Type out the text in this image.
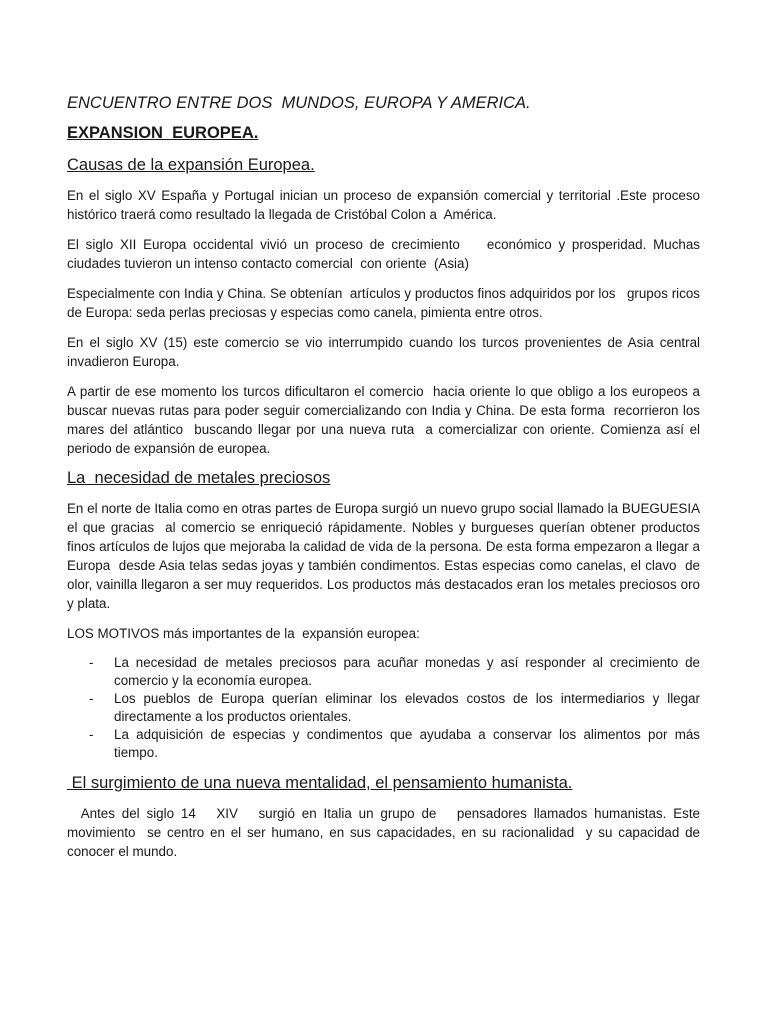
ENCUENTRO ENTRE DOS  MUNDOS, EUROPA Y AMERICA.
EXPANSION  EUROPEA.
Causas de la expansión Europea.

En el siglo XV España y Portugal inician un proceso de expansión comercial y territorial .Este proceso histórico traerá como resultado la llegada de Cristóbal Colon a  América.

El siglo XII Europa occidental vivió un proceso de crecimiento    económico y prosperidad. Muchas ciudades tuvieron un intenso contacto comercial  con oriente  (Asia)

Especialmente con India y China. Se obtenían  artículos y productos finos adquiridos por los   grupos ricos de Europa: seda perlas preciosas y especias como canela, pimienta entre otros.

En el siglo XV (15) este comercio se vio interrumpido cuando los turcos provenientes de Asia central invadieron Europa.

A partir de ese momento los turcos dificultaron el comercio  hacia oriente lo que obligo a los europeos a buscar nuevas rutas para poder seguir comercializando con India y China. De esta forma  recorrieron los mares del atlántico  buscando llegar por una nueva ruta  a comercializar con oriente. Comienza así el periodo de expansión de europea.

La  necesidad de metales preciosos

En el norte de Italia como en otras partes de Europa surgió un nuevo grupo social llamado la BUEGUESIA  el que gracias  al comercio se enriqueció rápidamente. Nobles y burgueses querían obtener productos finos artículos de lujos que mejoraba la calidad de vida de la persona. De esta forma empezaron a llegar a Europa  desde Asia telas sedas joyas y también condimentos. Estas especias como canelas, el clavo  de olor, vainilla llegaron a ser muy requeridos. Los productos más destacados eran los metales preciosos oro y plata.

LOS MOTIVOS más importantes de la  expansión europea:

- La necesidad de metales preciosos para acuñar monedas y así responder al crecimiento de comercio y la economía europea.
- Los pueblos de Europa querían eliminar los elevados costos de los intermediarios y llegar directamente a los productos orientales.
- La adquisición de especias y condimentos que ayudaba a conservar los alimentos por más tiempo.
El surgimiento de una nueva mentalidad, el pensamiento humanista.

Antes del siglo 14   XIV   surgió en Italia un grupo de   pensadores llamados humanistas. Este movimiento  se centro en el ser humano, en sus capacidades, en su racionalidad  y su capacidad de conocer el mundo.
